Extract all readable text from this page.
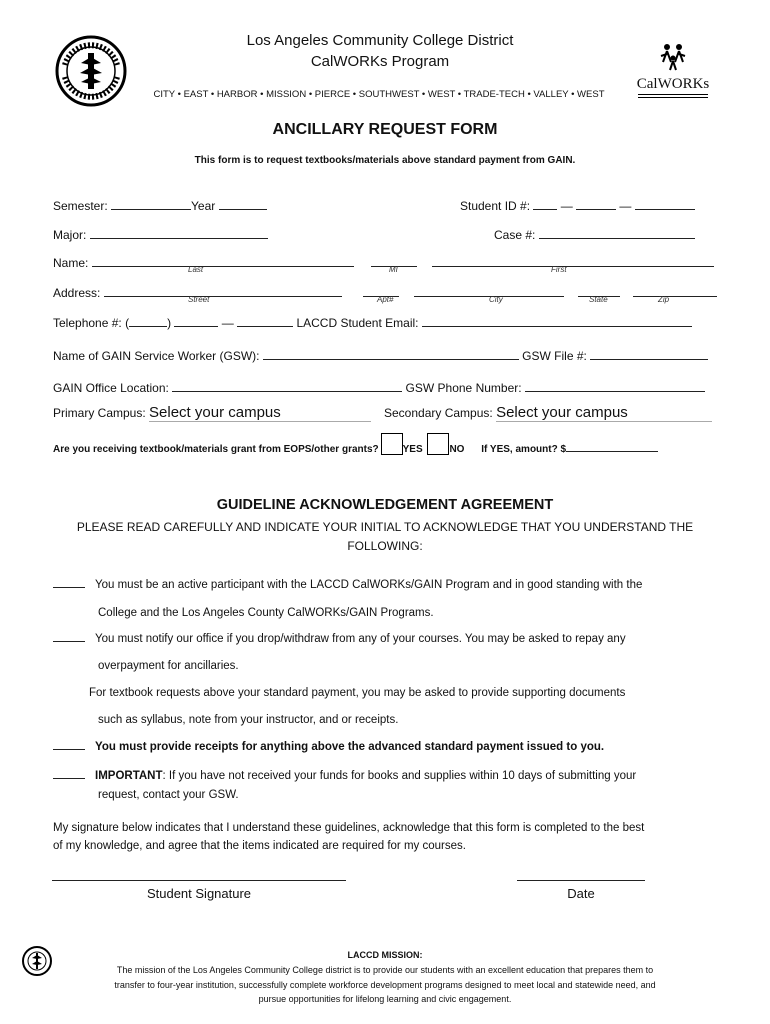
CalWORKs
Los Angeles Community College District
CalWORKs Program
CITY • EAST • HARBOR • MISSION • PIERCE • SOUTHWEST • WEST • TRADE-TECH • VALLEY • WEST
ANCILLARY REQUEST FORM
This form is to request textbooks/materials above standard payment from GAIN.
Semester:	Year	Student ID #:  —	—
Major:	Case #:
Name:	Last	MI	First
Address:	Street	Apt#	City	State	Zip
Telephone #: (	)	—	LACCD Student Email:
Name of GAIN Service Worker (GSW):	GSW File #:
GAIN Office Location:	GSW Phone Number:
Primary Campus: Select your campus	Secondary Campus: Select your campus
Are you receiving textbook/materials grant from EOPS/other grants? YES	NO If YES, amount? $
GUIDELINE ACKNOWLEDGEMENT AGREEMENT
PLEASE READ CAREFULLY AND INDICATE YOUR INITIAL TO ACKNOWLEDGE THAT YOU UNDERSTAND THE
FOLLOWING:
You must be an active participant with the LACCD CalWORKs/GAIN Program and in good standing with the
College and the Los Angeles County CalWORKs/GAIN Programs.
You must notify our office if you drop/withdraw from any of your courses. You may be asked to repay any
overpayment for ancillaries.
For textbook requests above your standard payment, you may be asked to provide supporting documents
such as syllabus, note from your instructor, and or receipts.
You must provide receipts for anything above the advanced standard payment issued to you.
IMPORTANT: If you have not received your funds for books and supplies within 10 days of submitting your
request, contact your GSW.
My signature below indicates that I understand these guidelines, acknowledge that this form is completed to the best
of my knowledge, and agree that the items indicated are required for my courses.
Student Signature	Date
LACCD MISSION:
The mission of the Los Angeles Community College district is to provide our students with an excellent education that prepares them to
transfer to four-year institution, successfully complete workforce development programs designed to meet local and statewide need, and
pursue opportunities for lifelong learning and civic engagement.
